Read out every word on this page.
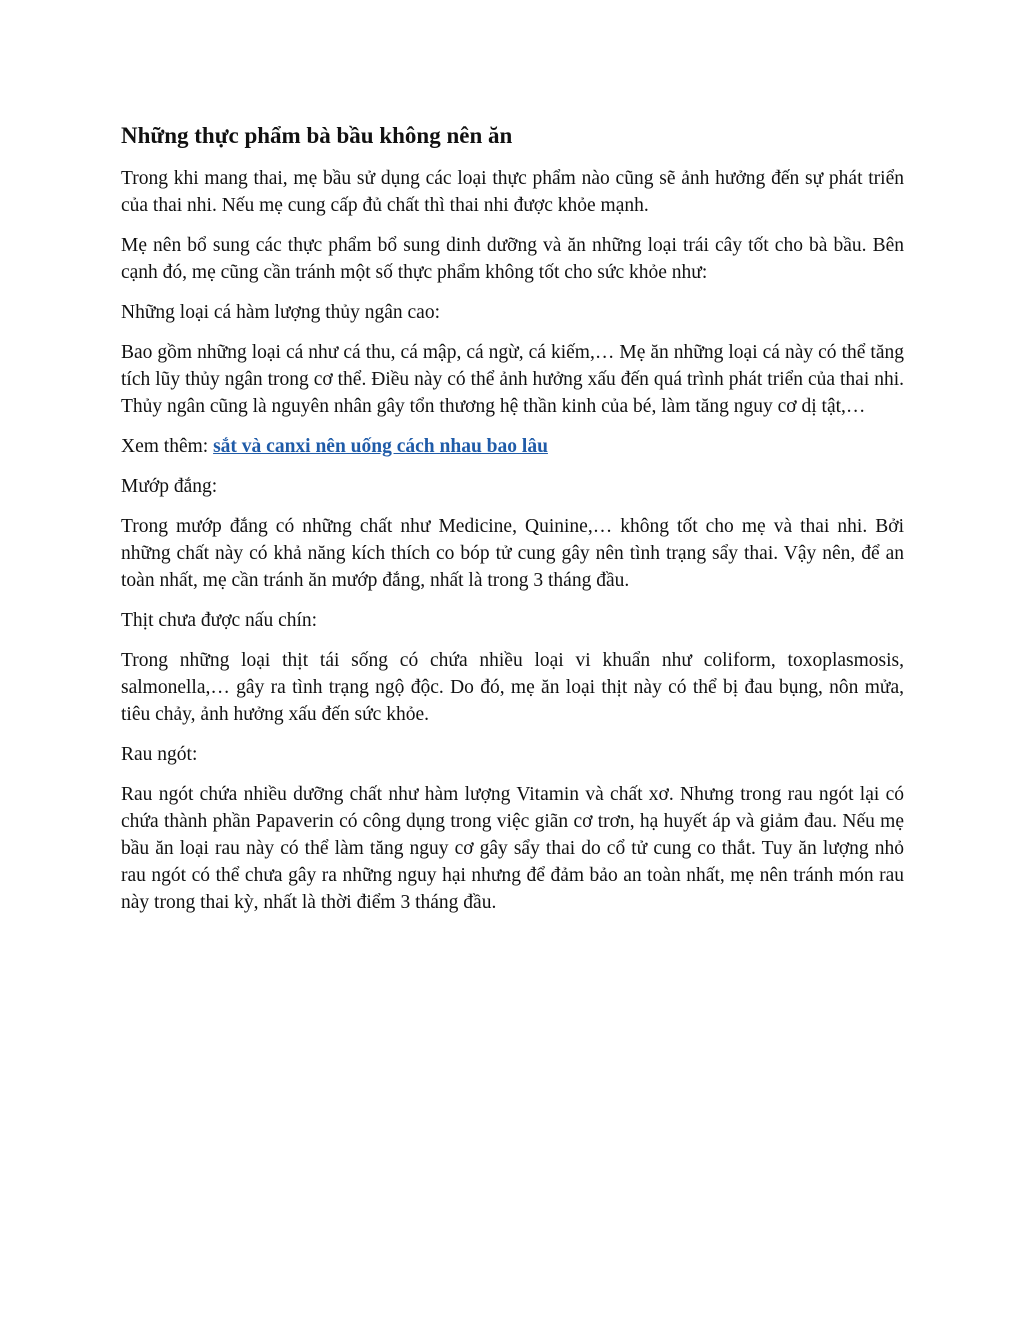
Những thực phẩm bà bầu không nên ăn

Trong khi mang thai, mẹ bầu sử dụng các loại thực phẩm nào cũng sẽ ảnh hưởng đến sự phát triển của thai nhi. Nếu mẹ cung cấp đủ chất thì thai nhi được khỏe mạnh.

Mẹ nên bổ sung các thực phẩm bổ sung dinh dưỡng và ăn những loại trái cây tốt cho bà bầu. Bên cạnh đó, mẹ cũng cần tránh một số thực phẩm không tốt cho sức khỏe như:

Những loại cá hàm lượng thủy ngân cao:

Bao gồm những loại cá như cá thu, cá mập, cá ngừ, cá kiếm,… Mẹ ăn những loại cá này có thể tăng tích lũy thủy ngân trong cơ thể. Điều này có thể ảnh hưởng xấu đến quá trình phát triển của thai nhi. Thủy ngân cũng là nguyên nhân gây tổn thương hệ thần kinh của bé, làm tăng nguy cơ dị tật,…

Xem thêm: sắt và canxi nên uống cách nhau bao lâu

Mướp đắng:

Trong mướp đắng có những chất như Medicine, Quinine,… không tốt cho mẹ và thai nhi. Bởi những chất này có khả năng kích thích co bóp tử cung gây nên tình trạng sẩy thai. Vậy nên, để an toàn nhất, mẹ cần tránh ăn mướp đắng, nhất là trong 3 tháng đầu.

Thịt chưa được nấu chín:

Trong những loại thịt tái sống có chứa nhiều loại vi khuẩn như coliform, toxoplasmosis, salmonella,… gây ra tình trạng ngộ độc. Do đó, mẹ ăn loại thịt này có thể bị đau bụng, nôn mửa, tiêu chảy, ảnh hưởng xấu đến sức khỏe.

Rau ngót:

Rau ngót chứa nhiều dưỡng chất như hàm lượng Vitamin và chất xơ. Nhưng trong rau ngót lại có chứa thành phần Papaverin có công dụng trong việc giãn cơ trơn, hạ huyết áp và giảm đau. Nếu mẹ bầu ăn loại rau này có thể làm tăng nguy cơ gây sẩy thai do cổ tử cung co thắt. Tuy ăn lượng nhỏ rau ngót có thể chưa gây ra những nguy hại nhưng để đảm bảo an toàn nhất, mẹ nên tránh món rau này trong thai kỳ, nhất là thời điểm 3 tháng đầu.
